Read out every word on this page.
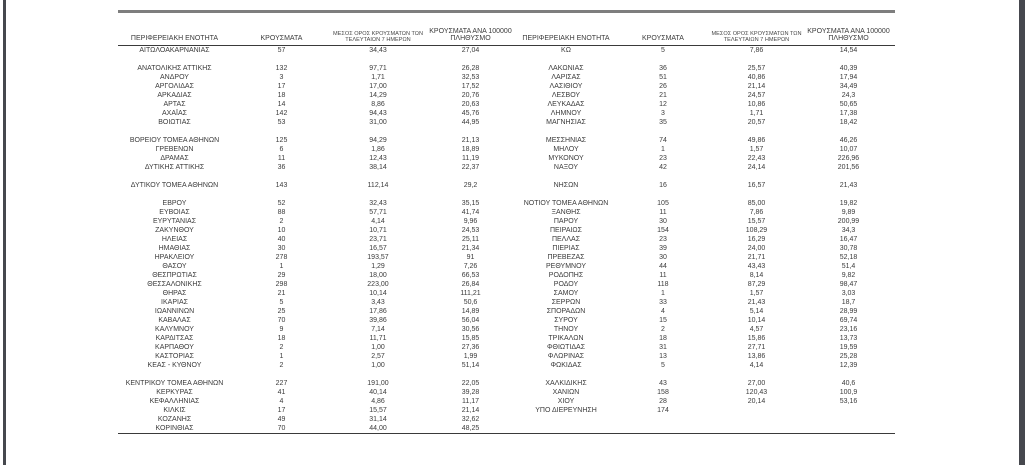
ΠΕΡΙΦΕΡΕΙΑΚΗ ΕΝΟΤΗΤΑ	ΚΡΟΥΣΜΑΤΑ	ΜΕΣΟΣ ΟΡΟΣ ΚΡΟΥΣΜΑΤΩΝ ΤΩΝ
ΤΕΛΕΥΤΑΙΩΝ 7 ΗΜΕΡΩΝ	ΚΡΟΥΣΜΑΤΑ ΑΝΑ 100000
ΠΛΗΘΥΣΜΟ	ΠΕΡΙΦΕΡΕΙΑΚΗ ΕΝΟΤΗΤΑ	ΚΡΟΥΣΜΑΤΑ	ΜΕΣΟΣ ΟΡΟΣ ΚΡΟΥΣΜΑΤΩΝ ΤΩΝ
ΤΕΛΕΥΤΑΙΩΝ 7 ΗΜΕΡΩΝ	ΚΡΟΥΣΜΑΤΑ ΑΝΑ 100000
ΠΛΗΘΥΣΜΟ

ΑΙΤΩΛΟΑΚΑΡΝΑΝΙΑΣ	57	34,43	27,04	ΚΩ	5	7,86	14,54

ΑΝΑΤΟΛΙΚΗΣ ΑΤΤΙΚΗΣ	132	97,71	26,28	ΛΑΚΩΝΙΑΣ	36	25,57	40,39
ΑΝΔΡΟΥ	3	1,71	32,53	ΛΑΡΙΣΑΣ	51	40,86	17,94
ΑΡΓΟΛΙΔΑΣ	17	17,00	17,52	ΛΑΣΙΘΙΟΥ	26	21,14	34,49
ΑΡΚΑΔΙΑΣ	18	14,29	20,76	ΛΕΣΒΟΥ	21	24,57	24,3
ΑΡΤΑΣ	14	8,86	20,63	ΛΕΥΚΑΔΑΣ	12	10,86	50,65
ΑΧΑΪΑΣ	142	94,43	45,76	ΛΗΜΝΟΥ	3	1,71	17,38
ΒΟΙΩΤΙΑΣ	53	31,00	44,95	ΜΑΓΝΗΣΙΑΣ	35	20,57	18,42

ΒΟΡΕΙΟΥ ΤΟΜΕΑ ΑΘΗΝΩΝ	125	94,29	21,13	ΜΕΣΣΗΝΙΑΣ	74	49,86	46,26
ΓΡΕΒΕΝΩΝ	6	1,86	18,89	ΜΗΛΟΥ	1	1,57	10,07
ΔΡΑΜΑΣ	11	12,43	11,19	ΜΥΚΟΝΟΥ	23	22,43	226,96
ΔΥΤΙΚΗΣ ΑΤΤΙΚΗΣ	36	38,14	22,37	ΝΑΞΟΥ	42	24,14	201,56

ΔΥΤΙΚΟΥ ΤΟΜΕΑ ΑΘΗΝΩΝ	143	112,14	29,2	ΝΗΣΩΝ	16	16,57	21,43

ΕΒΡΟΥ	52	32,43	35,15	ΝΟΤΙΟΥ ΤΟΜΕΑ ΑΘΗΝΩΝ	105	85,00	19,82
ΕΥΒΟΙΑΣ	88	57,71	41,74	ΞΑΝΘΗΣ	11	7,86	9,89
ΕΥΡΥΤΑΝΙΑΣ	2	4,14	9,96	ΠΑΡΟΥ	30	15,57	200,99
ΖΑΚΥΝΘΟΥ	10	10,71	24,53	ΠΕΙΡΑΙΩΣ	154	108,29	34,3
ΗΛΕΙΑΣ	40	23,71	25,11	ΠΕΛΛΑΣ	23	16,29	16,47
ΗΜΑΘΙΑΣ	30	16,57	21,34	ΠΙΕΡΙΑΣ	39	24,00	30,78
ΗΡΑΚΛΕΙΟΥ	278	193,57	91	ΠΡΕΒΕΖΑΣ	30	21,71	52,18
ΘΑΣΟΥ	1	1,29	7,26	ΡΕΘΥΜΝΟΥ	44	43,43	51,4
ΘΕΣΠΡΩΤΙΑΣ	29	18,00	66,53	ΡΟΔΟΠΗΣ	11	8,14	9,82
ΘΕΣΣΑΛΟΝΙΚΗΣ	298	223,00	26,84	ΡΟΔΟΥ	118	87,29	98,47
ΘΗΡΑΣ	21	10,14	111,21	ΣΑΜΟΥ	1	1,57	3,03
ΙΚΑΡΙΑΣ	5	3,43	50,6	ΣΕΡΡΩΝ	33	21,43	18,7
ΙΩΑΝΝΙΝΩΝ	25	17,86	14,89	ΣΠΟΡΑΔΩΝ	4	5,14	28,99
ΚΑΒΑΛΑΣ	70	39,86	56,04	ΣΥΡΟΥ	15	10,14	69,74
ΚΑΛΥΜΝΟΥ	9	7,14	30,56	ΤΗΝΟΥ	2	4,57	23,16
ΚΑΡΔΙΤΣΑΣ	18	11,71	15,85	ΤΡΙΚΑΛΩΝ	18	15,86	13,73
ΚΑΡΠΑΘΟΥ	2	1,00	27,36	ΦΘΙΩΤΙΔΑΣ	31	27,71	19,59
ΚΑΣΤΟΡΙΑΣ	1	2,57	1,99	ΦΛΩΡΙΝΑΣ	13	13,86	25,28
ΚΕΑΣ - ΚΥΘΝΟΥ	2	1,00	51,14	ΦΩΚΙΔΑΣ	5	4,14	12,39

ΚΕΝΤΡΙΚΟΥ ΤΟΜΕΑ ΑΘΗΝΩΝ	227	191,00	22,05	ΧΑΛΚΙΔΙΚΗΣ	43	27,00	40,6
ΚΕΡΚΥΡΑΣ	41	40,14	39,28	ΧΑΝΙΩΝ	158	120,43	100,9
ΚΕΦΑΛΛΗΝΙΑΣ	4	4,86	11,17	ΧΙΟΥ	28	20,14	53,16
ΚΙΛΚΙΣ	17	15,57	21,14	ΥΠΟ ΔΙΕΡΕΥΝΗΣΗ	174		
ΚΟΖΑΝΗΣ	49	31,14	32,62				
ΚΟΡΙΝΘΙΑΣ	70	44,00	48,25				
